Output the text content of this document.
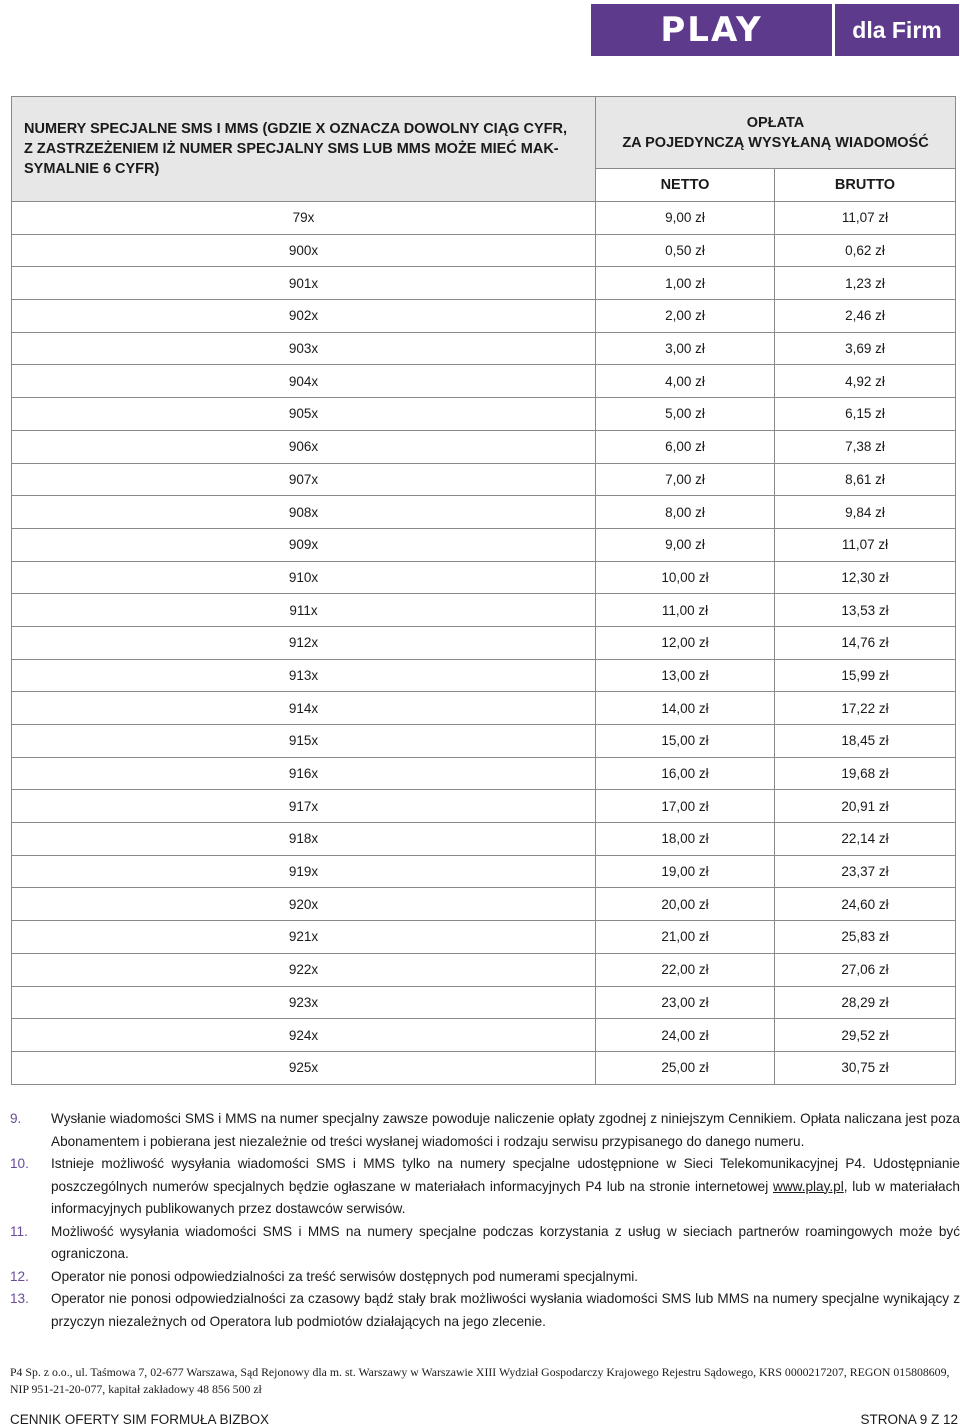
PLAY	dla Firm
NUMERY SPECJALNE SMS I MMS (GDZIE X OZNACZA DOWOLNY CIĄG CYFR, Z ZASTRZEŻENIEM IŻ NUMER SPECJALNY SMS LUB MMS MOŻE MIEĆ MAKSYMALNIE 6 CYFR)	OPŁATA
ZA POJEDYNCZĄ WYSYŁANĄ WIADOMOŚĆ	

	NETTO	BRUTTO
79x	9,00 zł	11,07 zł
900x	0,50 zł	0,62 zł
901x	1,00 zł	1,23 zł
902x	2,00 zł	2,46 zł
903x	3,00 zł	3,69 zł
904x	4,00 zł	4,92 zł
905x	5,00 zł	6,15 zł
906x	6,00 zł	7,38 zł
907x	7,00 zł	8,61 zł
908x	8,00 zł	9,84 zł
909x	9,00 zł	11,07 zł
910x	10,00 zł	12,30 zł
911x	11,00 zł	13,53 zł
912x	12,00 zł	14,76 zł
913x	13,00 zł	15,99 zł
914x	14,00 zł	17,22 zł
915x	15,00 zł	18,45 zł
916x	16,00 zł	19,68 zł
917x	17,00 zł	20,91 zł
918x	18,00 zł	22,14 zł
919x	19,00 zł	23,37 zł
920x	20,00 zł	24,60 zł
921x	21,00 zł	25,83 zł
922x	22,00 zł	27,06 zł
923x	23,00 zł	28,29 zł
924x	24,00 zł	29,52 zł
925x	25,00 zł	30,75 zł
9.	Wysłanie wiadomości SMS i MMS na numer specjalny zawsze powoduje naliczenie opłaty zgodnej z niniejszym Cennikiem. Opłata naliczana jest poza Abonamentem i pobierana jest niezależnie od treści wysłanej wiadomości i rodzaju serwisu przypisanego do danego numeru.
10.	Istnieje możliwość wysyłania wiadomości SMS i MMS tylko na numery specjalne udostępnione w Sieci Telekomunikacyjnej P4. Udostępnianie poszczególnych numerów specjalnych będzie ogłaszane w materiałach informacyjnych P4 lub na stronie internetowej www.play.pl, lub w materiałach informacyjnych publikowanych przez dostawców serwisów.
11.	Możliwość wysyłania wiadomości SMS i MMS na numery specjalne podczas korzystania z usług w sieciach partnerów roamingowych może być ograniczona.
12.	Operator nie ponosi odpowiedzialności za treść serwisów dostępnych pod numerami specjalnymi.
13.	Operator nie ponosi odpowiedzialności za czasowy bądź stały brak możliwości wysłania wiadomości SMS lub MMS na numery specjalne wynikający z przyczyn niezależnych od Operatora lub podmiotów działających na jego zlecenie.
P4 Sp. z o.o., ul. Taśmowa 7, 02-677 Warszawa, Sąd Rejonowy dla m. st. Warszawy w Warszawie XIII Wydział Gospodarczy Krajowego Rejestru Sądowego, KRS 0000217207, REGON 015808609,
NIP 951-21-20-077, kapitał zakładowy 48 856 500 zł
CENNIK OFERTY SIM FORMUŁA BIZBOX	STRONA 9 Z 12
